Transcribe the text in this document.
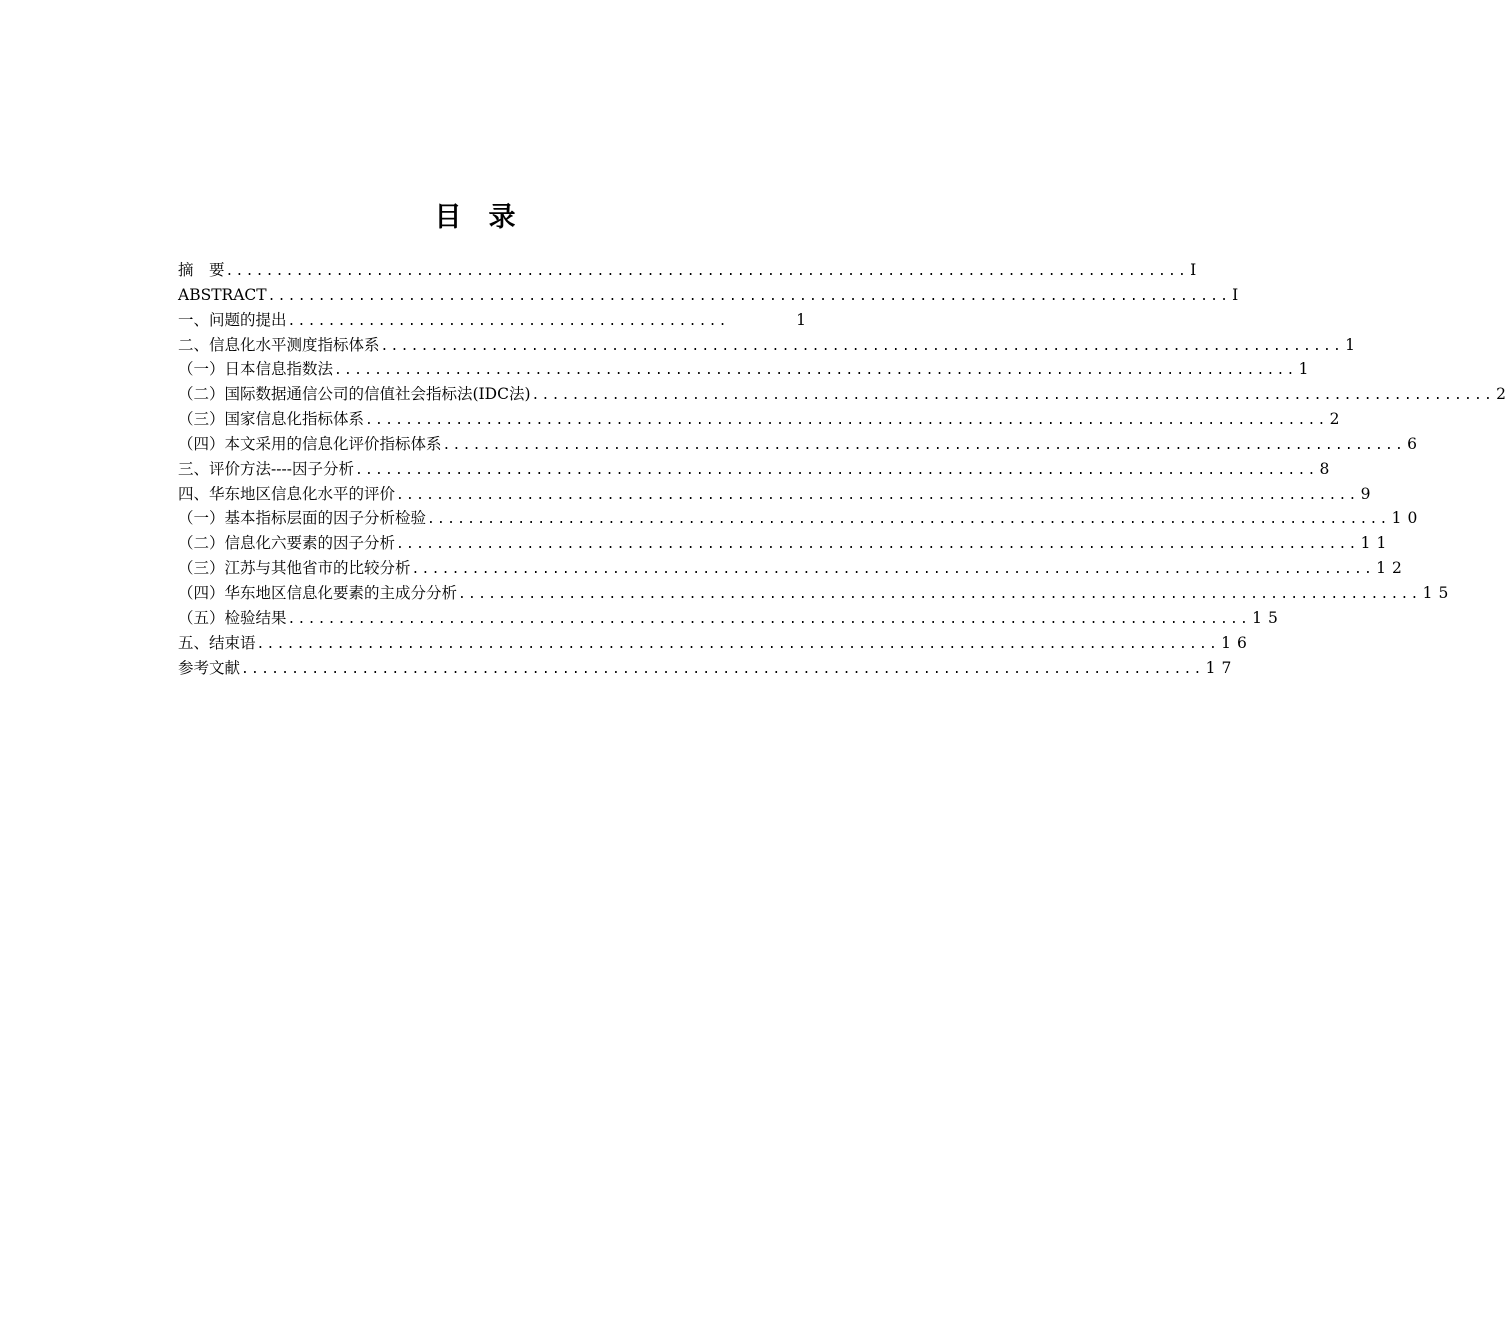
目　录
摘　要 ................................................................................................ I
ABSTRACT ................................................................................................ I
一、问题的提出 ............................................	1
二、信息化水平测度指标体系 ................................................................................................ 1
（一）日本信息指数法 ................................................................................................ 1
（二）国际数据通信公司的信值社会指标法(IDC法) ................................................................................................ 2
（三）国家信息化指标体系 ................................................................................................ 2
（四）本文采用的信息化评价指标体系 ................................................................................................ 6
三、评价方法----因子分析 ................................................................................................ 8
四、华东地区信息化水平的评价 ................................................................................................ 9
（一）基本指标层面的因子分析检验 ................................................................................................ 10
（二）信息化六要素的因子分析 ................................................................................................ 11
（三）江苏与其他省市的比较分析 ................................................................................................ 12
（四）华东地区信息化要素的主成分分析 ................................................................................................ 15
（五）检验结果 ................................................................................................ 15
五、结束语 ................................................................................................ 16
参考文献 ................................................................................................ 17
